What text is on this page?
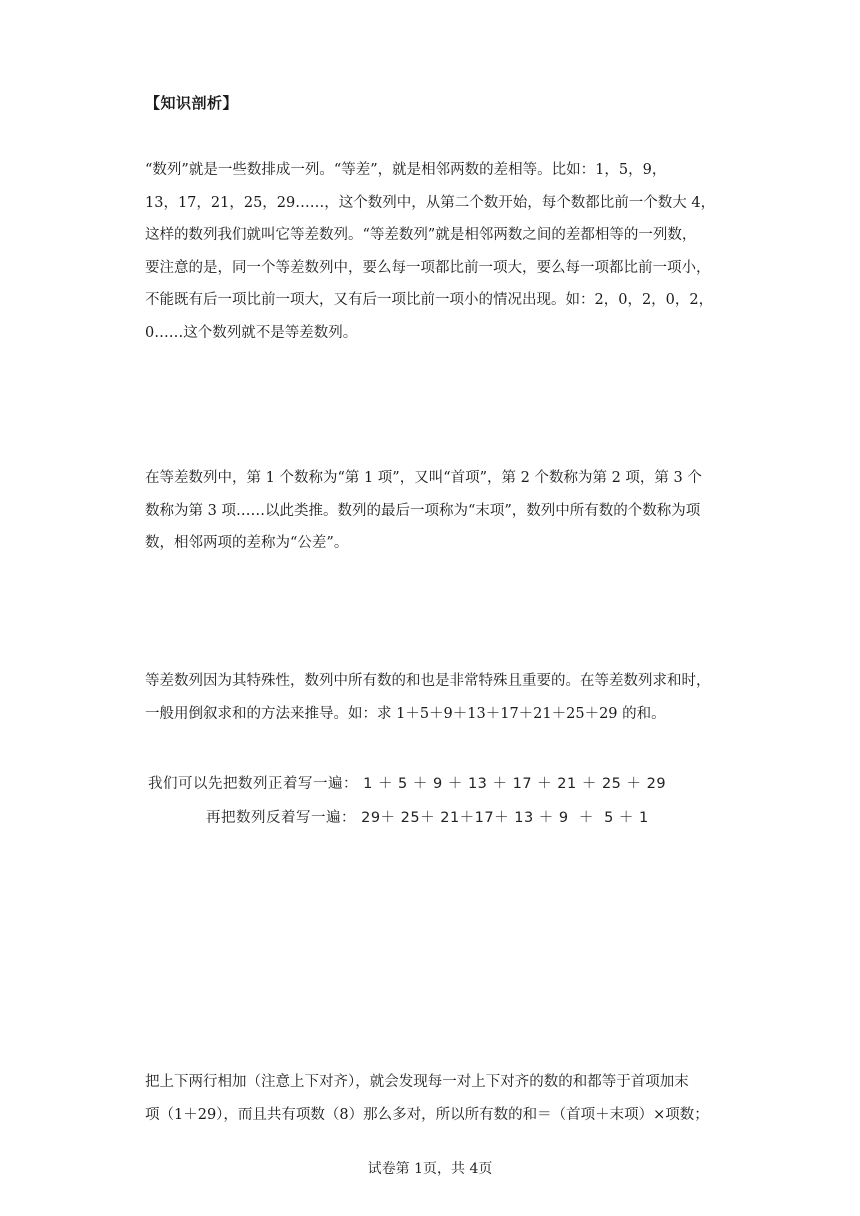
【知识剖析】
“数列”就是一些数排成一列。“等差”，就是相邻两数的差相等。比如：1，5，9，
13，17，21，25，29……，这个数列中，从第二个数开始，每个数都比前一个数大 4，
这样的数列我们就叫它等差数列。“等差数列”就是相邻两数之间的差都相等的一列数，
要注意的是，同一个等差数列中，要么每一项都比前一项大，要么每一项都比前一项小，
不能既有后一项比前一项大，又有后一项比前一项小的情况出现。如：2，0，2，0，2，
0……这个数列就不是等差数列。
在等差数列中，第 1 个数称为“第 1 项”，又叫“首项”，第 2 个数称为第 2 项，第 3 个
数称为第 3 项……以此类推。数列的最后一项称为“末项”，数列中所有数的个数称为项
数，相邻两项的差称为“公差”。
等差数列因为其特殊性，数列中所有数的和也是非常特殊且重要的。在等差数列求和时，
一般用倒叙求和的方法来推导。如：求 1＋5＋9＋13＋17＋21＋25＋29 的和。
我们可以先把数列正着写一遍： 1 ＋ 5 ＋ 9 ＋ 13 ＋ 17 ＋ 21 ＋ 25 ＋ 29
再把数列反着写一遍： 29＋ 25＋ 21＋17＋ 13 ＋ 9  ＋  5 ＋ 1
把上下两行相加（注意上下对齐），就会发现每一对上下对齐的数的和都等于首项加末
项（1＋29），而且共有项数（8）那么多对，所以所有数的和＝（首项＋末项）×项数；
试卷第 1页，共 4页
